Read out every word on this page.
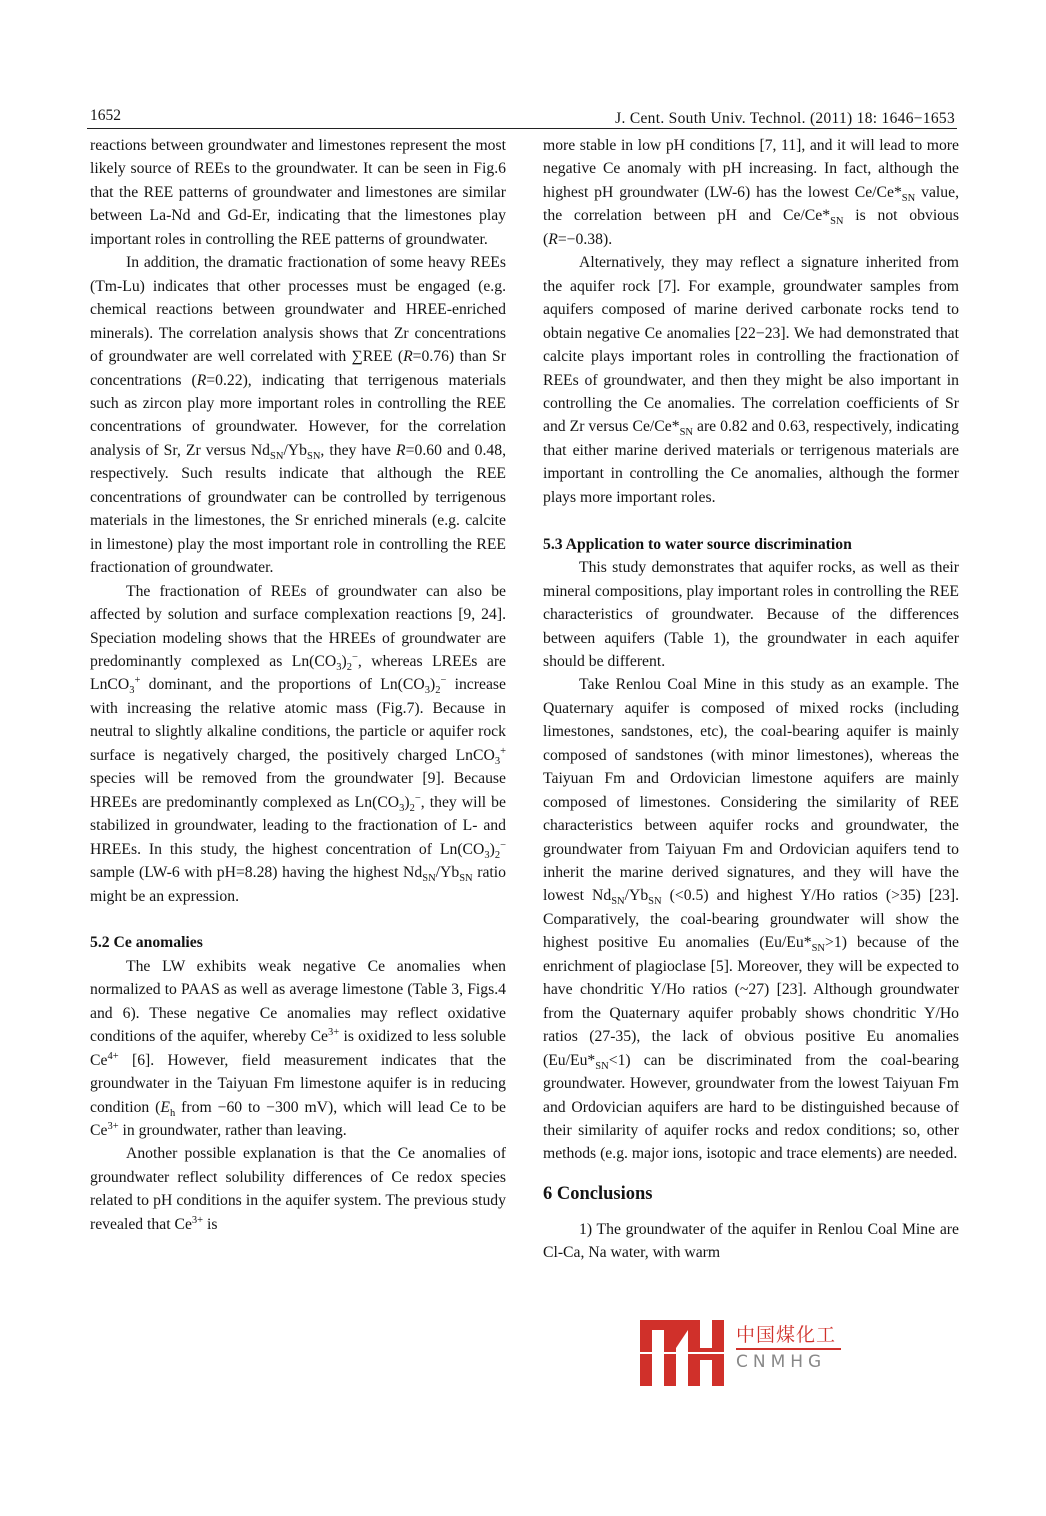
1652	J. Cent. South Univ. Technol. (2011) 18: 1646−1653

reactions between groundwater and limestones represent the most likely source of REEs to the groundwater. It can be seen in Fig.6 that the REE patterns of groundwater and limestones are similar between La-Nd and Gd-Er, indicating that the limestones play important roles in controlling the REE patterns of groundwater.

In addition, the dramatic fractionation of some heavy REEs (Tm-Lu) indicates that other processes must be engaged (e.g. chemical reactions between groundwater and HREE-enriched minerals). The correlation analysis shows that Zr concentrations of groundwater are well correlated with ∑REE (R=0.76) than Sr concentrations (R=0.22), indicating that terrigenous materials such as zircon play more important roles in controlling the REE concentrations of groundwater. However, for the correlation analysis of Sr, Zr versus $Nd_{SN}/Yb_{SN}$, they have R=0.60 and 0.48, respectively. Such results indicate that although the REE concentrations of groundwater can be controlled by terrigenous materials in the limestones, the Sr enriched minerals (e.g. calcite in limestone) play the most important role in controlling the REE fractionation of groundwater.

The fractionation of REEs of groundwater can also be affected by solution and surface complexation reactions [9, 24]. Speciation modeling shows that the HREEs of groundwater are predominantly complexed as $Ln(CO_3)_2^-$, whereas LREEs are LnCO$_3$+ dominant, and the proportions of $Ln(CO_3)_2^-$ increase with increasing the relative atomic mass (Fig.7). Because in neutral to slightly alkaline conditions, the particle or aquifer rock surface is negatively charged, the positively charged LnCO$_3$+ species will be removed from the groundwater [9]. Because HREEs are predominantly complexed as $Ln(CO_3)_2^-$, they will be stabilized in groundwater, leading to the fractionation of L- and HREEs. In this study, the highest concentration of $Ln(CO_3)_2^-$ sample (LW-6 with pH=8.28) having the highest $Nd_{SN}/Yb_{SN}$ ratio might be an expression.

5.2 Ce anomalies

The LW exhibits weak negative Ce anomalies when normalized to PAAS as well as average limestone (Table 3, Figs.4 and 6). These negative Ce anomalies may reflect oxidative conditions of the aquifer, whereby $Ce^{3+}$ is oxidized to less soluble $Ce^{4+}$ [6]. However, field measurement indicates that the groundwater in the Taiyuan Fm limestone aquifer is in reducing condition ($E_h$ from −60 to −300 mV), which will lead Ce to be $Ce^{3+}$ in groundwater, rather than leaving.

Another possible explanation is that the Ce anomalies of groundwater reflect solubility differences of Ce redox species related to pH conditions in the aquifer system. The previous study revealed that $Ce^{3+}$ is

more stable in low pH conditions [7, 11], and it will lead to more negative Ce anomaly with pH increasing. In fact, although the highest pH groundwater (LW-6) has the lowest $Ce/Ce*_{SN}$ value, the correlation between pH and $Ce/Ce*_{SN}$ is not obvious (R=−0.38).

Alternatively, they may reflect a signature inherited from the aquifer rock [7]. For example, groundwater samples from aquifers composed of marine derived carbonate rocks tend to obtain negative Ce anomalies [22−23]. We had demonstrated that calcite plays important roles in controlling the fractionation of REEs of groundwater, and then they might be also important in controlling the Ce anomalies. The correlation coefficients of Sr and Zr versus $Ce/Ce*_{SN}$ are 0.82 and 0.63, respectively, indicating that either marine derived materials or terrigenous materials are important in controlling the Ce anomalies, although the former plays more important roles.

5.3 Application to water source discrimination

This study demonstrates that aquifer rocks, as well as their mineral compositions, play important roles in controlling the REE characteristics of groundwater. Because of the differences between aquifers (Table 1), the groundwater in each aquifer should be different.

Take Renlou Coal Mine in this study as an example. The Quaternary aquifer is composed of mixed rocks (including limestones, sandstones, etc), the coal-bearing aquifer is mainly composed of sandstones (with minor limestones), whereas the Taiyuan Fm and Ordovician limestone aquifers are mainly composed of limestones. Considering the similarity of REE characteristics between aquifer rocks and groundwater, the groundwater from Taiyuan Fm and Ordovician aquifers tend to inherit the marine derived signatures, and they will have the lowest $Nd_{SN}/Yb_{SN}$ (<0.5) and highest Y/Ho ratios (>35) [23]. Comparatively, the coal-bearing groundwater will show the highest positive Eu anomalies $(Eu/Eu*_{SN}>1)$ because of the enrichment of plagioclase [5]. Moreover, they will be expected to have chondritic Y/Ho ratios (~27) [23]. Although groundwater from the Quaternary aquifer probably shows chondritic Y/Ho ratios (27-35), the lack of obvious positive Eu anomalies $(Eu/Eu*_{SN}<1)$ can be discriminated from the coal-bearing groundwater. However, groundwater from the lowest Taiyuan Fm and Ordovician aquifers are hard to be distinguished because of their similarity of aquifer rocks and redox conditions; so, other methods (e.g. major ions, isotopic and trace elements) are needed.

6 Conclusions

1) The groundwater of the aquifer in Renlou Coal Mine are Cl-Ca, Na water, with warm

中国煤化工
CNMHG
